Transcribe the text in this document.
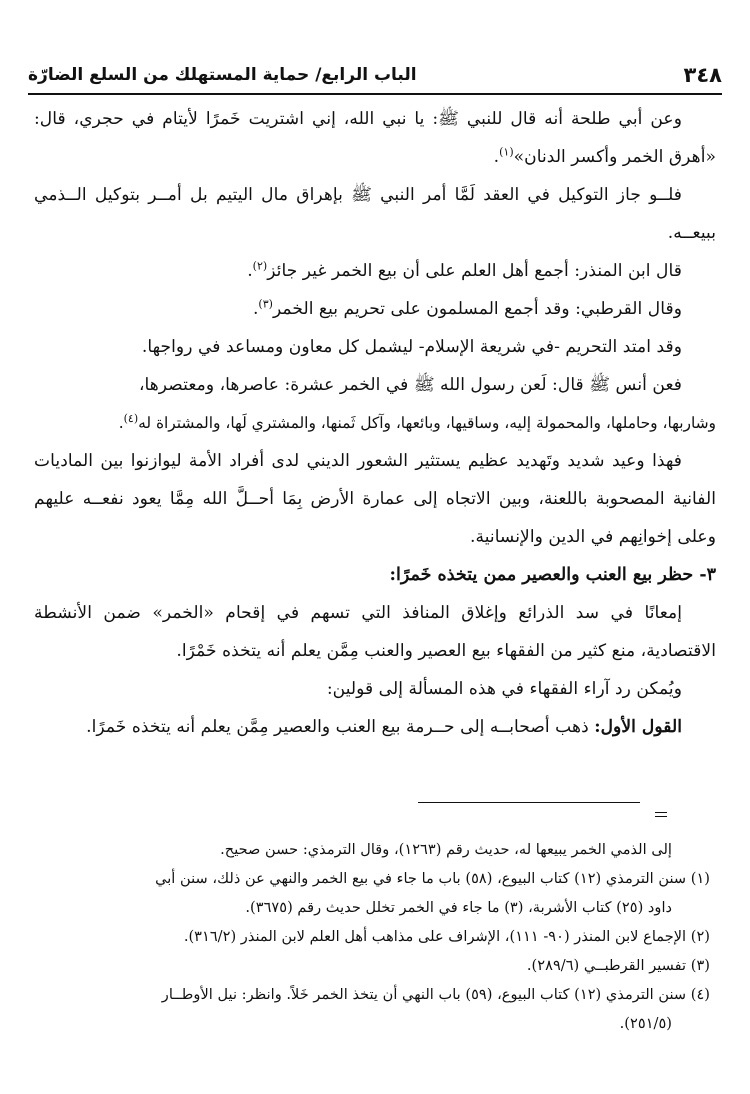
٣٤٨
الباب الرابع/ حماية المستهلك من السلع الضارّة

وعن أبي طلحة أنه قال للنبي ﷺ: يا نبي الله، إني اشتريت خَمرًا لأيتام في حجري، قال: «أهرق الخمر وأكسر الدنان»$^{(١)}$.

فلــو جاز التوكيل في العقد لَمَّا أمر النبي ﷺ بإهراق مال اليتيم بل أمــر بتوكيل الــذمي ببيعــه.

قال ابن المنذر: أجمع أهل العلم على أن بيع الخمر غير جائز$^{(٢)}$.

وقال القرطبي: وقد أجمع المسلمون على تحريم بيع الخمر$^{(٣)}$.

وقد امتد التحريم -في شريعة الإسلام- ليشمل كل معاون ومساعد في رواجها.

فعن أنس ﷺ قال: لَعن رسول الله ﷺ في الخمر عشرة: عاصرها، ومعتصرها،

وشاربها، وحاملها، والمحمولة إليه، وساقيها، وبائعها، وآكل ثَمنها، والمشتري لَها، والمشتراة له$^{(٤)}$.

فهذا وعيد شديد وتَهديد عظيم يستثير الشعور الديني لدى أفراد الأمة ليوازنوا بين الماديات الفانية المصحوبة باللعنة، وبين الاتجاه إلى عمارة الأرض بِمَا أحــلَّ الله مِمَّا يعود نفعــه عليهم وعلى إخوانِهم في الدين والإنسانية.

٣- حظر بيع العنب والعصير ممن يتخذه خَمرًا:

إمعانًا في سد الذرائع وإغلاق المنافذ التي تسهم في إقحام «الخمر» ضمن الأنشطة الاقتصادية، منع كثير من الفقهاء بيع العصير والعنب مِمَّن يعلم أنه يتخذه خَمْرًا.

ويُمكن رد آراء الفقهاء في هذه المسألة إلى قولين:

القول الأول: ذهب أصحابــه إلى حــرمة بيع العنب والعصير مِمَّن يعلم أنه يتخذه خَمرًا.

إلى الذمي الخمر يبيعها له، حديث رقم (١٢٦٣)، وقال الترمذي: حسن صحيح.

(١) سنن الترمذي (١٢) كتاب البيوع، (٥٨) باب ما جاء في بيع الخمر والنهي عن ذلك، سنن أبي

داود (٢٥) كتاب الأشربة، (٣) ما جاء في الخمر تخلل حديث رقم (٣٦٧٥).

(٢) الإجماع لابن المنذر (٩٠- ١١١)، الإشراف على مذاهب أهل العلم لابن المنذر (٣١٦/٢).

(٣) تفسير القرطبــي (٢٨٩/٦).

(٤) سنن الترمذي (١٢) كتاب البيوع، (٥٩) باب النهي أن يتخذ الخمر خَلاً. وانظر: نيل الأوطــار

(٢٥١/٥).
